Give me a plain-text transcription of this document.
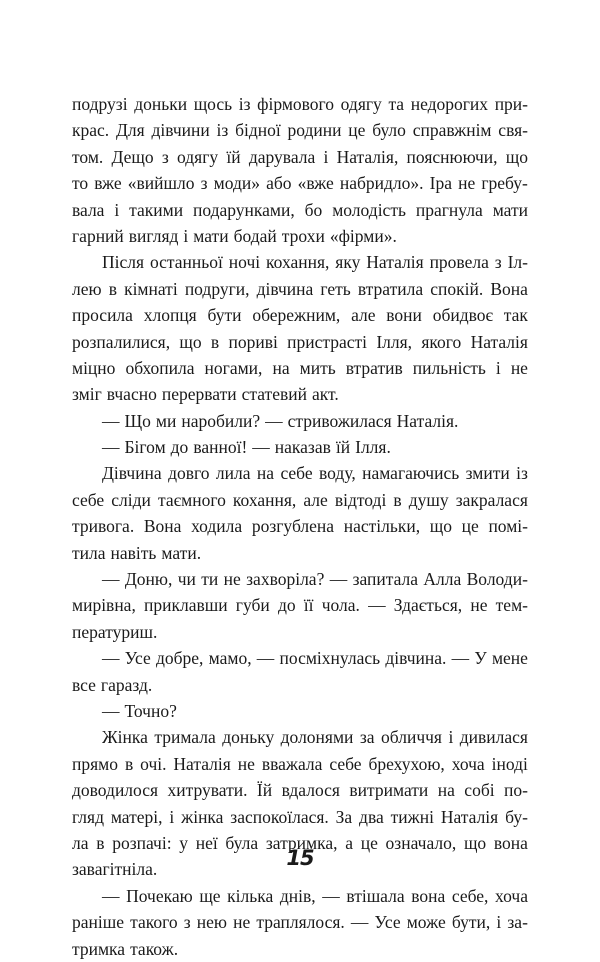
подрузі доньки щось із фірмового одягу та недорогих при-
крас. Для дівчини із бідної родини це було справжнім свя-
том. Дещо з одягу їй дарувала і Наталія, пояснюючи, що
то вже «вийшло з моди» або «вже набридло». Іра не гребу-
вала і такими подарунками, бо молодість прагнула мати
гарний вигляд і мати бодай трохи «фірми».
Після останньої ночі кохання, яку Наталія провела з Іл-
лею в кімнаті подруги, дівчина геть втратила спокій. Вона
просила хлопця бути обережним, але вони обидвоє так
розпалилися, що в пориві пристрасті Ілля, якого Наталія
міцно обхопила ногами, на мить втратив пильність і не
зміг вчасно перервати статевий акт.
— Що ми наробили? — стривожилася Наталія.
— Бігом до ванної! — наказав їй Ілля.
Дівчина довго лила на себе воду, намагаючись змити із
себе сліди таємного кохання, але відтоді в душу закралася
тривога. Вона ходила розгублена настільки, що це помі-
тила навіть мати.
— Доню, чи ти не захворіла? — запитала Алла Володи-
мирівна, приклавши губи до її чола. — Здається, не тем-
пературиш.
— Усе добре, мамо, — посміхнулась дівчина. — У мене
все гаразд.
— Точно?
Жінка тримала доньку долонями за обличчя і дивилася
прямо в очі. Наталія не вважала себе брехухою, хоча іноді
доводилося хитрувати. Їй вдалося витримати на собі по-
гляд матері, і жінка заспокоїлася. За два тижні Наталія бу-
ла в розпачі: у неї була затримка, а це означало, що вона
завагітніла.
— Почекаю ще кілька днів, — втішала вона себе, хоча
раніше такого з нею не траплялося. — Усе може бути, і за-
тримка також.
15
